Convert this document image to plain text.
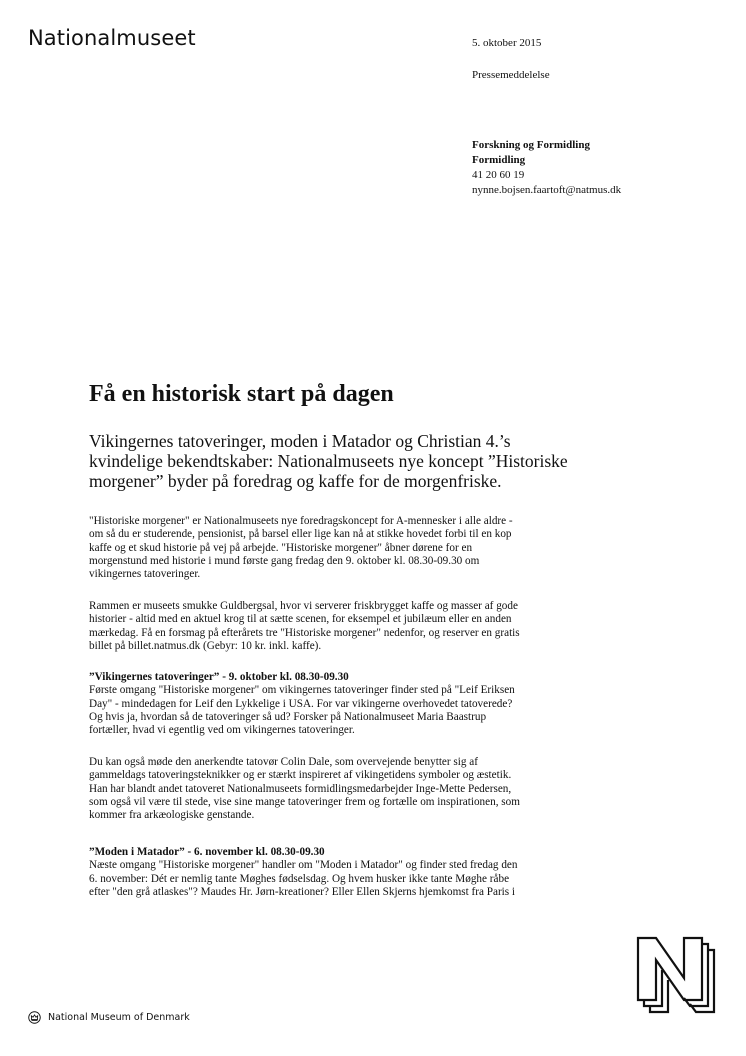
Nationalmuseet	5. oktober 2015
Pressemeddelelse
Forskning og Formidling
Formidling
41 20 60 19
nynne.bojsen.faartoft@natmus.dk
Få en historisk start på dagen
Vikingernes tatoveringer, moden i Matador og Christian 4.’s
kvindelige bekendtskaber: Nationalmuseets nye koncept ”Historiske
morgener” byder på foredrag og kaffe for de morgenfriske.
"Historiske morgener" er Nationalmuseets nye foredragskoncept for A-mennesker i alle aldre -
om så du er studerende, pensionist, på barsel eller lige kan nå at stikke hovedet forbi til en kop
kaffe og et skud historie på vej på arbejde. "Historiske morgener" åbner dørene for en
morgenstund med historie i mund første gang fredag den 9. oktober kl. 08.30-09.30 om
vikingernes tatoveringer.
Rammen er museets smukke Guldbergsal, hvor vi serverer friskbrygget kaffe og masser af gode
historier - altid med en aktuel krog til at sætte scenen, for eksempel et jubilæum eller en anden
mærkedag. Få en forsmag på efterårets tre "Historiske morgener" nedenfor, og reserver en gratis
billet på billet.natmus.dk (Gebyr: 10 kr. inkl. kaffe).
”Vikingernes tatoveringer” - 9. oktober kl. 08.30-09.30
Første omgang "Historiske morgener" om vikingernes tatoveringer finder sted på "Leif Eriksen
Day" - mindedagen for Leif den Lykkelige i USA. For var vikingerne overhovedet tatoverede?
Og hvis ja, hvordan så de tatoveringer så ud? Forsker på Nationalmuseet Maria Baastrup
fortæller, hvad vi egentlig ved om vikingernes tatoveringer.
Du kan også møde den anerkendte tatovør Colin Dale, som overvejende benytter sig af
gammeldags tatoveringsteknikker og er stærkt inspireret af vikingetidens symboler og æstetik.
Han har blandt andet tatoveret Nationalmuseets formidlingsmedarbejder Inge-Mette Pedersen,
som også vil være til stede, vise sine mange tatoveringer frem og fortælle om inspirationen, som
kommer fra arkæologiske genstande.
”Moden i Matador” - 6. november kl. 08.30-09.30
Næste omgang "Historiske morgener" handler om "Moden i Matador" og finder sted fredag den
6. november: Dét er nemlig tante Møghes fødselsdag. Og hvem husker ikke tante Møghe råbe
efter "den grå atlaskes"? Maudes Hr. Jørn-kreationer? Eller Ellen Skjerns hjemkomst fra Paris i
National Museum of Denmark
